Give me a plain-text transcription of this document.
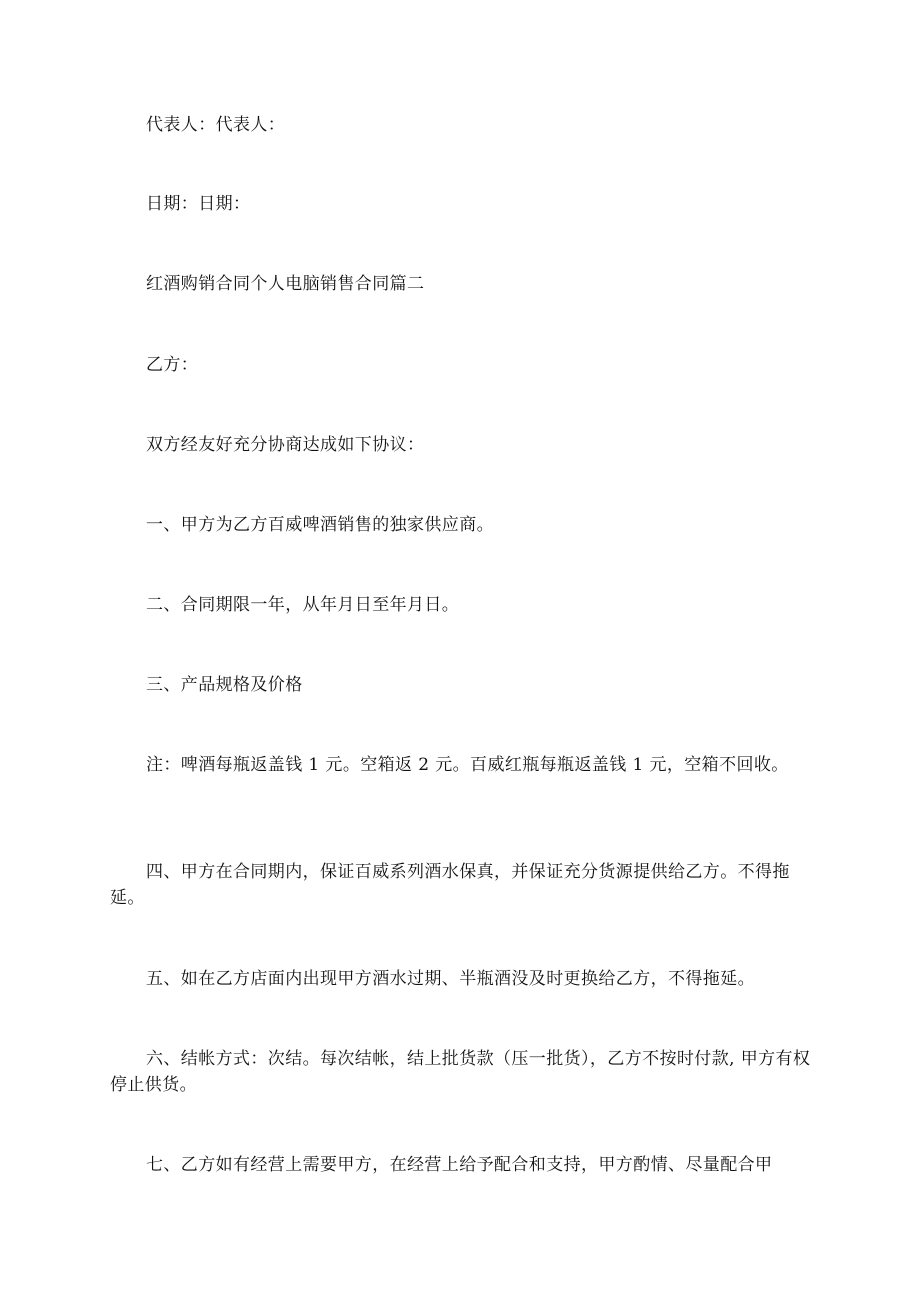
代表人：代表人：

日期：日期：

红酒购销合同个人电脑销售合同篇二

乙方：

双方经友好充分协商达成如下协议：

一、甲方为乙方百威啤酒销售的独家供应商。

二、合同期限一年，从年月日至年月日。

三、产品规格及价格

注：啤酒每瓶返盖钱 1 元。空箱返 2 元。百威红瓶每瓶返盖钱 1 元，空箱不回收。

四、甲方在合同期内，保证百威系列酒水保真，并保证充分货源提供给乙方。不得拖延。

五、如在乙方店面内出现甲方酒水过期、半瓶酒没及时更换给乙方，不得拖延。

六、结帐方式：次结。每次结帐，结上批货款（压一批货），乙方不按时付款, 甲方有权停止供货。

七、乙方如有经营上需要甲方，在经营上给予配合和支持，甲方酌情、尽量配合甲
